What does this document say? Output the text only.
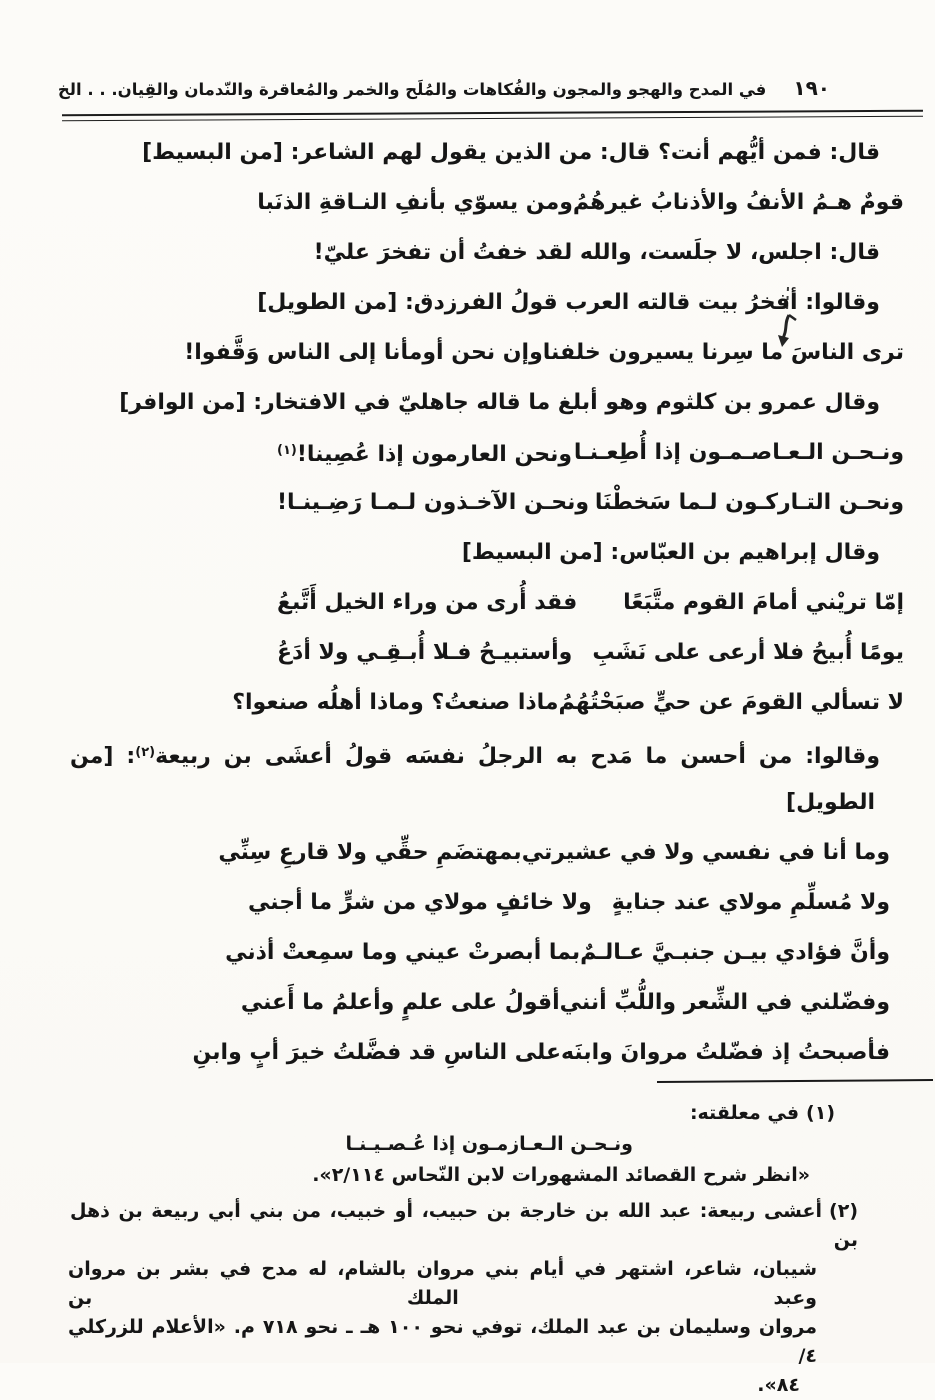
١٩٠
في المدح والهجو والمجون والفُكاهات والمُلَح والخمر والمُعاقرة والنّدمان والقِيان. . . الخ
قال: فمن أيُّهم أنت؟ قال: من الذين يقول لهم الشاعر: [من البسيط]
قومٌ هـمُ الأنفُ والأذنابُ غيرهُمُ
ومن يسوّي بأنفِ النـاقةِ الذنَبا
قال: اجلس، لا جلَست، والله لقد خفتُ أن تفخرَ عليّ!
وقالوا: أفخرُ بيت قالته العرب قولُ الفرزدق: [من الطويل]
ترى الناسَ ما سِرنا يسيرون خلفنا
وإن نحن أومأنا إلى الناس وَقَّفوا!
وقال عمرو بن كلثوم وهو أبلغ ما قاله جاهليّ في الافتخار: [من الوافر]
ونـحـن الـعـاصـمـون إذا أُطِعـنـا
ونحن العارمون إذا عُصِينا!$^{(١)}$
ونحـن التـاركـون لـما سَخطْنَا
ونحـن الآخـذون لـمـا رَضِـينـا!
وقال إبراهيم بن العبّاس: [من البسيط]
إمّا تريْني أمامَ القوم متَّبَعًا
فقد أُرى من وراء الخيل أَتَّبعُ
يومًا أُبيحُ فلا أرعى على نَشَبِ
وأستبيـحُ فـلا أُبـقِـي ولا أدَعُ
لا تسألي القومَ عن حيٍّ صبَحْتُهُمُ
ماذا صنعتُ؟ وماذا أهلُه صنعوا؟
وقالوا: من أحسن ما مَدح به الرجلُ نفسَه قولُ أعشَى بن ربيعة$^{(٢)}$: [من
الطويل]
وما أنا في نفسي ولا في عشيرتي
بمهتضَمِ حقِّي ولا قارعِ سِنِّي
ولا مُسلِّمِ مولاي عند جنايةٍ
ولا خائفٍ مولاي من شرٍّ ما أجني
وأنَّ فؤادي بيـن جنبـيَّ عـالـمٌ
بما أبصرتْ عيني وما سمِعتْ أذني
وفضّلني في الشِّعر واللُّبِّ أنني
أقولُ على علمٍ وأعلمُ ما أَعني
فأصبحتُ إذ فضّلتُ مروانَ وابنَه
على الناسِ قد فضَّلتُ خيرَ أبٍ وابنِ
(١)في معلقته:
ونـحـن الـعـازمـون إذا عُـصـيـنـا
«انظر شرح القصائد المشهورات لابن النّحاس ٢/١١٤».
(٢)أعشى ربيعة: عبد الله بن خارجة بن حبيب، أو خبيب، من بني أبي ربيعة بن ذهل بن
شيبان، شاعر، اشتهر في أيام بني مروان بالشام، له مدح في بشر بن مروان وعبد الملك بن
مروان وسليمان بن عبد الملك، توفي نحو ١٠٠ هـ ـ نحو ٧١٨ م. «الأعلام للزركلي ٤/
٨٤».
